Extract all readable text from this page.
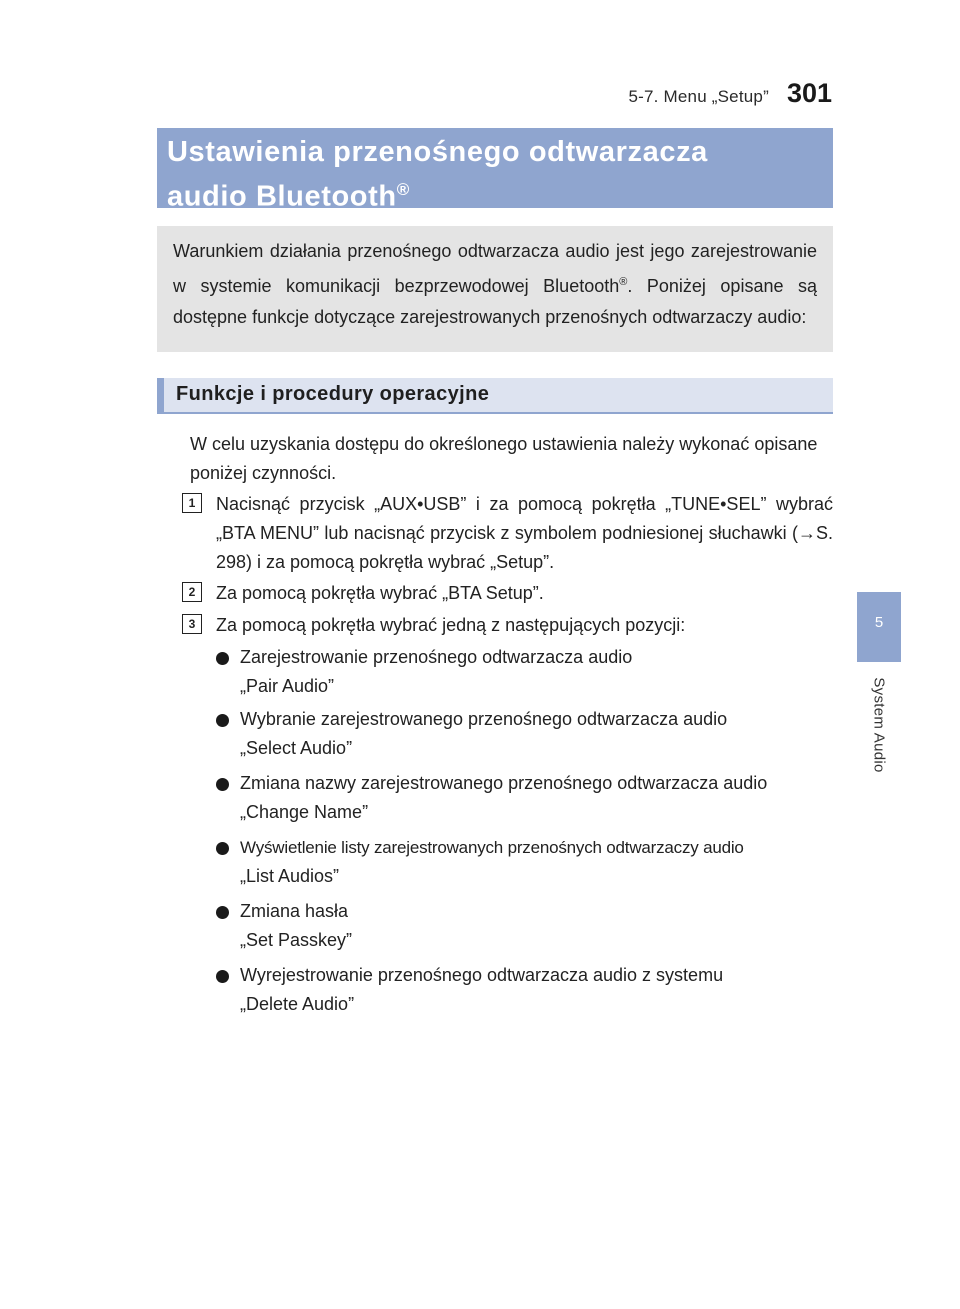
5-7. Menu „Setup” 301
5
System Audio

Ustawienia przenośnego odtwarzacza

audio Bluetooth®

Warunkiem działania przenośnego odtwarzacza audio jest jego zarejestrowanie w systemie komunikacji bezprzewodowej Bluetooth®. Poniżej opisane są dostępne funkcje dotyczące zarejestrowanych przenośnych odtwarzaczy audio:

Funkcje i procedury operacyjne

W celu uzyskania dostępu do określonego ustawienia należy wykonać opisane poniżej czynności.

1	Nacisnąć przycisk „AUX•USB” i za pomocą pokrętła „TUNE•SEL” wybrać „BTA MENU” lub nacisnąć przycisk z symbolem podniesionej słuchawki (→S. 298) i za pomocą pokrętła wybrać „Setup”.

2	Za pomocą pokrętła wybrać „BTA Setup”.

3	Za pomocą pokrętła wybrać jedną z następujących pozycji:

Zarejestrowanie przenośnego odtwarzacza audio

„Pair Audio”

Wybranie zarejestrowanego przenośnego odtwarzacza audio

„Select Audio”

Zmiana nazwy zarejestrowanego przenośnego odtwarzacza audio

„Change Name”

Wyświetlenie listy zarejestrowanych przenośnych odtwarzaczy audio

„List Audios”

Zmiana hasła

„Set Passkey”

Wyrejestrowanie przenośnego odtwarzacza audio z systemu

„Delete Audio”
